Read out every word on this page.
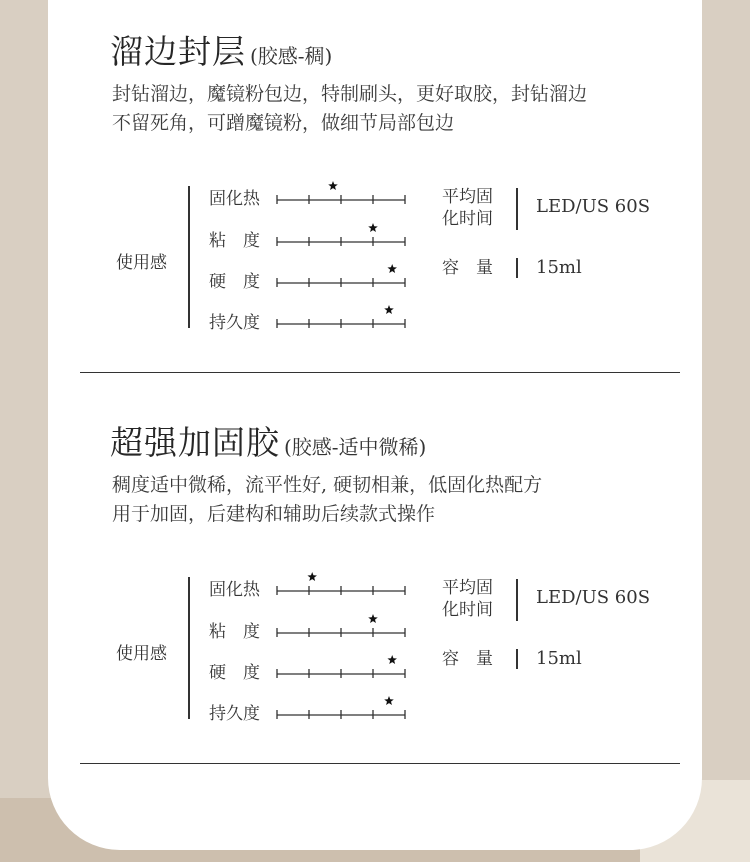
溜边封层 (胶感-稠)
封钻溜边，魔镜粉包边，特制刷头，更好取胶，封钻溜边
不留死角，可蹭魔镜粉，做细节局部包边
使用感
固化热
粘　度
硬　度
持久度
平均固
化时间
LED/US 60S
容　量 15ml
超强加固胶 (胶感-适中微稀)
稠度适中微稀，流平性好, 硬韧相兼，低固化热配方
用于加固，后建构和辅助后续款式操作
使用感
固化热
粘　度
硬　度
持久度
平均固
化时间
LED/US 60S
容　量 15ml
